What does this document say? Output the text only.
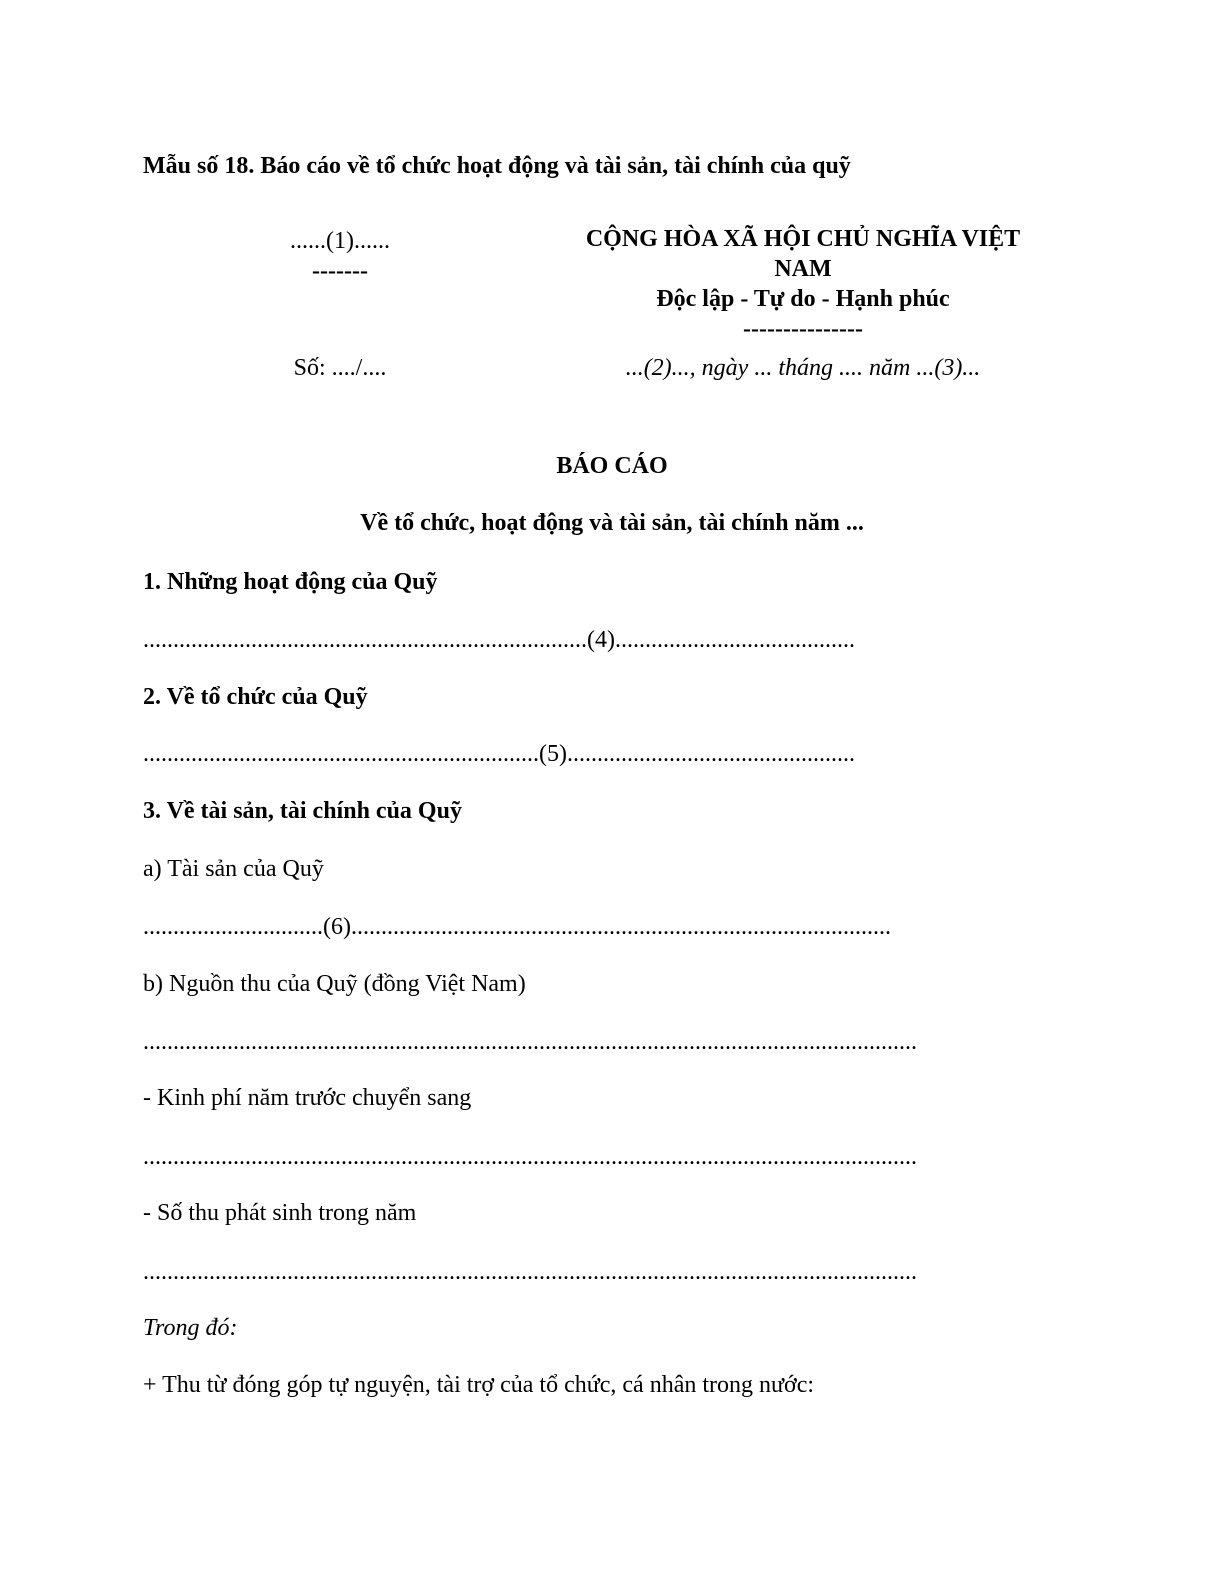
Mẫu số 18. Báo cáo về tổ chức hoạt động và tài sản, tài chính của quỹ
......(1)......
-------
CỘNG HÒA XÃ HỘI CHỦ NGHĨA VIỆT
NAM
Độc lập - Tự do - Hạnh phúc
---------------
Số: ..../....	...(2)..., ngày ... tháng .... năm ...(3)...
BÁO CÁO
Về tổ chức, hoạt động và tài sản, tài chính năm ...
1. Những hoạt động của Quỹ
..........................................................................(4)........................................
2. Về tổ chức của Quỹ
..................................................................(5)................................................
3. Về tài sản, tài chính của Quỹ
a) Tài sản của Quỹ
..............................(6)..........................................................................................
b) Nguồn thu của Quỹ (đồng Việt Nam)
.................................................................................................................................
- Kinh phí năm trước chuyển sang
.................................................................................................................................
- Số thu phát sinh trong năm
.................................................................................................................................
Trong đó:
+ Thu từ đóng góp tự nguyện, tài trợ của tổ chức, cá nhân trong nước:
